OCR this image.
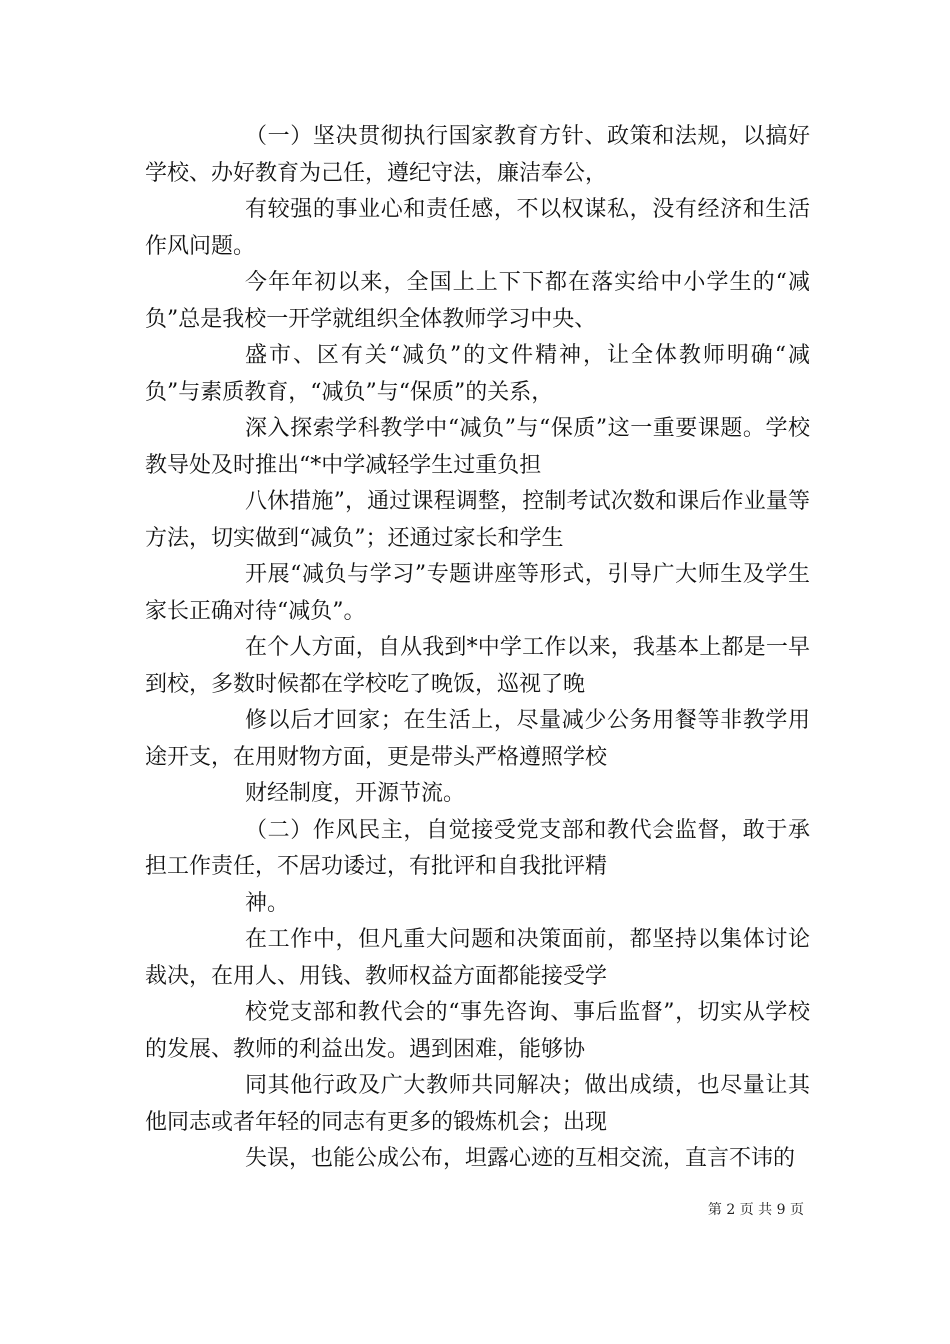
（一）坚决贯彻执行国家教育方针、政策和法规，以搞好学校、办好教育为己任，遵纪守法，廉洁奉公，

有较强的事业心和责任感，不以权谋私，没有经济和生活作风问题。

今年年初以来，全国上上下下都在落实给中小学生的“减负”总是我校一开学就组织全体教师学习中央、

盛市、区有关“减负”的文件精神，让全体教师明确“减负”与素质教育，“减负”与“保质”的关系，

深入探索学科教学中“减负”与“保质”这一重要课题。学校教导处及时推出“*中学减轻学生过重负担

八休措施”，通过课程调整，控制考试次数和课后作业量等方法，切实做到“减负”；还通过家长和学生

开展“减负与学习”专题讲座等形式，引导广大师生及学生家长正确对待“减负”。

在个人方面，自从我到*中学工作以来，我基本上都是一早到校，多数时候都在学校吃了晚饭，巡视了晚

修以后才回家；在生活上，尽量减少公务用餐等非教学用途开支，在用财物方面，更是带头严格遵照学校

财经制度，开源节流。

（二）作风民主，自觉接受党支部和教代会监督，敢于承担工作责任，不居功诿过，有批评和自我批评精

神。

在工作中，但凡重大问题和决策面前，都坚持以集体讨论裁决，在用人、用钱、教师权益方面都能接受学

校党支部和教代会的“事先咨询、事后监督”，切实从学校的发展、教师的利益出发。遇到困难，能够协

同其他行政及广大教师共同解决；做出成绩，也尽量让其他同志或者年轻的同志有更多的锻炼机会；出现

失误，也能公成公布，坦露心迹的互相交流，直言不讳的

第 2 页 共 9 页
